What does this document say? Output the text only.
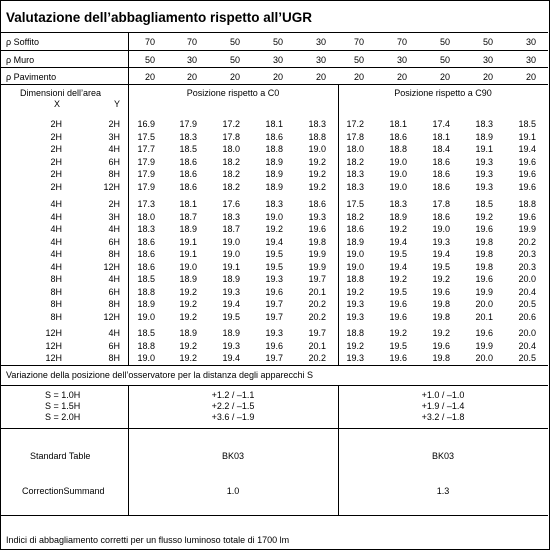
Valutazione dell’abbagliamento rispetto all’UGR
ρ Soffito	70	70	50	50	30	70	70	50	50	30
ρ Muro	50	30	50	30	30	50	30	50	30	30
ρ Pavimento	20	20	20	20	20	20	20	20	20	20
Dimensioni dell’area
X	Y
Posizione rispetto a C0	Posizione rispetto a C90
2H	2H	16.9	17.9	17.2	18.1	18.3	17.2	18.1	17.4	18.3	18.5
2H	3H	17.5	18.3	17.8	18.6	18.8	17.8	18.6	18.1	18.9	19.1
2H	4H	17.7	18.5	18.0	18.8	19.0	18.0	18.8	18.4	19.1	19.4
2H	6H	17.9	18.6	18.2	18.9	19.2	18.2	19.0	18.6	19.3	19.6
2H	8H	17.9	18.6	18.2	18.9	19.2	18.3	19.0	18.6	19.3	19.6
2H	12H	17.9	18.6	18.2	18.9	19.2	18.3	19.0	18.6	19.3	19.6
4H	2H	17.3	18.1	17.6	18.3	18.6	17.5	18.3	17.8	18.5	18.8
4H	3H	18.0	18.7	18.3	19.0	19.3	18.2	18.9	18.6	19.2	19.6
4H	4H	18.3	18.9	18.7	19.2	19.6	18.6	19.2	19.0	19.6	19.9
4H	6H	18.6	19.1	19.0	19.4	19.8	18.9	19.4	19.3	19.8	20.2
4H	8H	18.6	19.1	19.0	19.5	19.9	19.0	19.5	19.4	19.8	20.3
4H	12H	18.6	19.0	19.1	19.5	19.9	19.0	19.4	19.5	19.8	20.3
8H	4H	18.5	18.9	18.9	19.3	19.7	18.8	19.2	19.2	19.6	20.0
8H	6H	18.8	19.2	19.3	19.6	20.1	19.2	19.5	19.6	19.9	20.4
8H	8H	18.9	19.2	19.4	19.7	20.2	19.3	19.6	19.8	20.0	20.5
8H	12H	19.0	19.2	19.5	19.7	20.2	19.3	19.6	19.8	20.1	20.6
12H	4H	18.5	18.9	18.9	19.3	19.7	18.8	19.2	19.2	19.6	20.0
12H	6H	18.8	19.2	19.3	19.6	20.1	19.2	19.5	19.6	19.9	20.4
12H	8H	19.0	19.2	19.4	19.7	20.2	19.3	19.6	19.8	20.0	20.5
Variazione della posizione dell’osservatore per la distanza degli apparecchi S
S = 1.0H	+1.2 / –1.1	+1.0 / –1.0
S = 1.5H	+2.2 / –1.5	+1.9 / –1.4
S = 2.0H	+3.6 / –1.9	+3.2 / –1.8
Standard Table	BK03	BK03
CorrectionSummand	1.0	1.3
Indici di abbagliamento corretti per un flusso luminoso totale di 1700 lm
